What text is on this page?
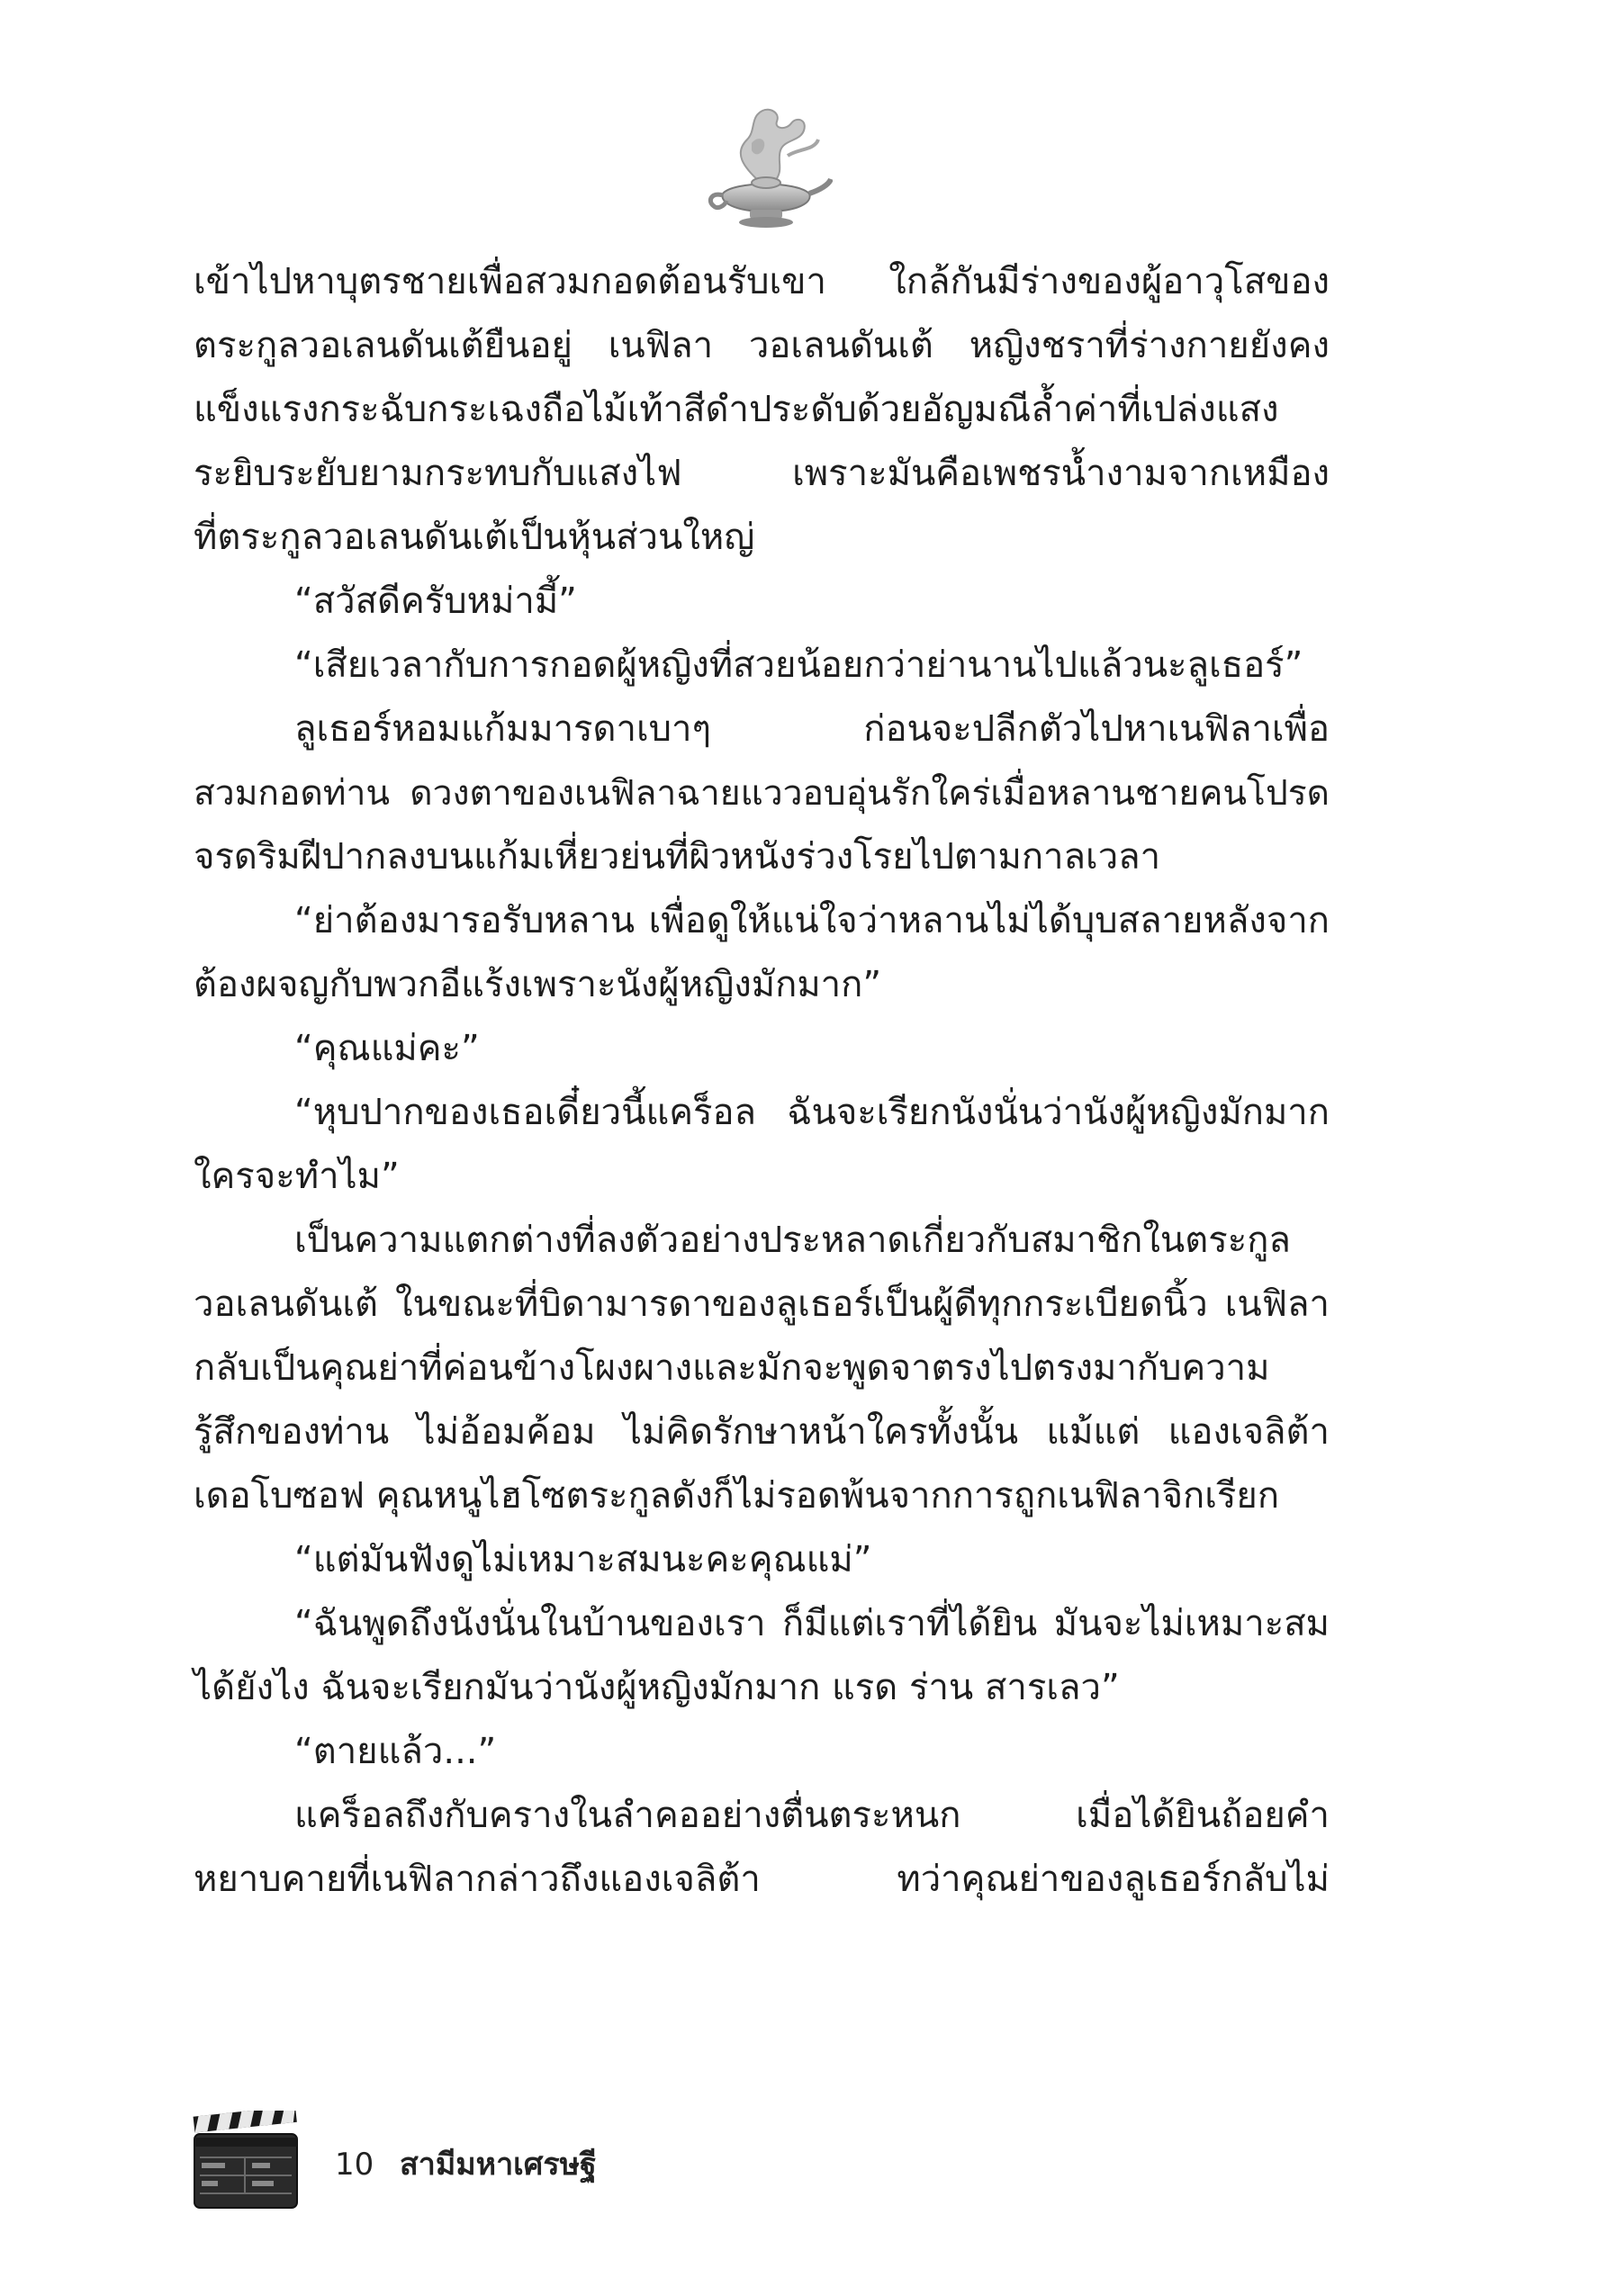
เข้าไปหาบุตรชายเพื่อสวมกอดต้อนรับเขา ใกล้กันมีร่างของผู้อาวุโสของ
ตระกูลวอเลนดันเต้ยืนอยู่ เนฟิลา วอเลนดันเต้ หญิงชราที่ร่างกายยังคง
แข็งแรงกระฉับกระเฉงถือไม้เท้าสีดำประดับด้วยอัญมณีล้ำค่าที่เปล่งแสง
ระยิบระยับยามกระทบกับแสงไฟ เพราะมันคือเพชรน้ำงามจากเหมือง
ที่ตระกูลวอเลนดันเต้เป็นหุ้นส่วนใหญ่
“สวัสดีครับหม่ามี้”
“เสียเวลากับการกอดผู้หญิงที่สวยน้อยกว่าย่านานไปแล้วนะลูเธอร์”
ลูเธอร์หอมแก้มมารดาเบาๆ ก่อนจะปลีกตัวไปหาเนฟิลาเพื่อ
สวมกอดท่าน ดวงตาของเนฟิลาฉายแววอบอุ่นรักใคร่เมื่อหลานชายคนโปรด
จรดริมฝีปากลงบนแก้มเหี่ยวย่นที่ผิวหนังร่วงโรยไปตามกาลเวลา
“ย่าต้องมารอรับหลาน เพื่อดูให้แน่ใจว่าหลานไม่ได้บุบสลายหลังจาก
ต้องผจญกับพวกอีแร้งเพราะนังผู้หญิงมักมาก”
“คุณแม่คะ”
“หุบปากของเธอเดี๋ยวนี้แคร็อล ฉันจะเรียกนังนั่นว่านังผู้หญิงมักมาก
ใครจะทำไม”
เป็นความแตกต่างที่ลงตัวอย่างประหลาดเกี่ยวกับสมาชิกในตระกูล
วอเลนดันเต้ ในขณะที่บิดามารดาของลูเธอร์เป็นผู้ดีทุกกระเบียดนิ้ว เนฟิลา
กลับเป็นคุณย่าที่ค่อนข้างโผงผางและมักจะพูดจาตรงไปตรงมากับความ
รู้สึกของท่าน ไม่อ้อมค้อม ไม่คิดรักษาหน้าใครทั้งนั้น แม้แต่ แองเจลิต้า
เดอโบซอฟ คุณหนูไฮโซตระกูลดังก็ไม่รอดพ้นจากการถูกเนฟิลาจิกเรียก
“แต่มันฟังดูไม่เหมาะสมนะคะคุณแม่”
“ฉันพูดถึงนังนั่นในบ้านของเรา ก็มีแต่เราที่ได้ยิน มันจะไม่เหมาะสม
ได้ยังไง ฉันจะเรียกมันว่านังผู้หญิงมักมาก แรด ร่าน สารเลว”
“ตายแล้ว...”
แคร็อลถึงกับครางในลำคออย่างตื่นตระหนก เมื่อได้ยินถ้อยคำ
หยาบคายที่เนฟิลากล่าวถึงแองเจลิต้า ทว่าคุณย่าของลูเธอร์กลับไม่
10 สามีมหาเศรษฐี
